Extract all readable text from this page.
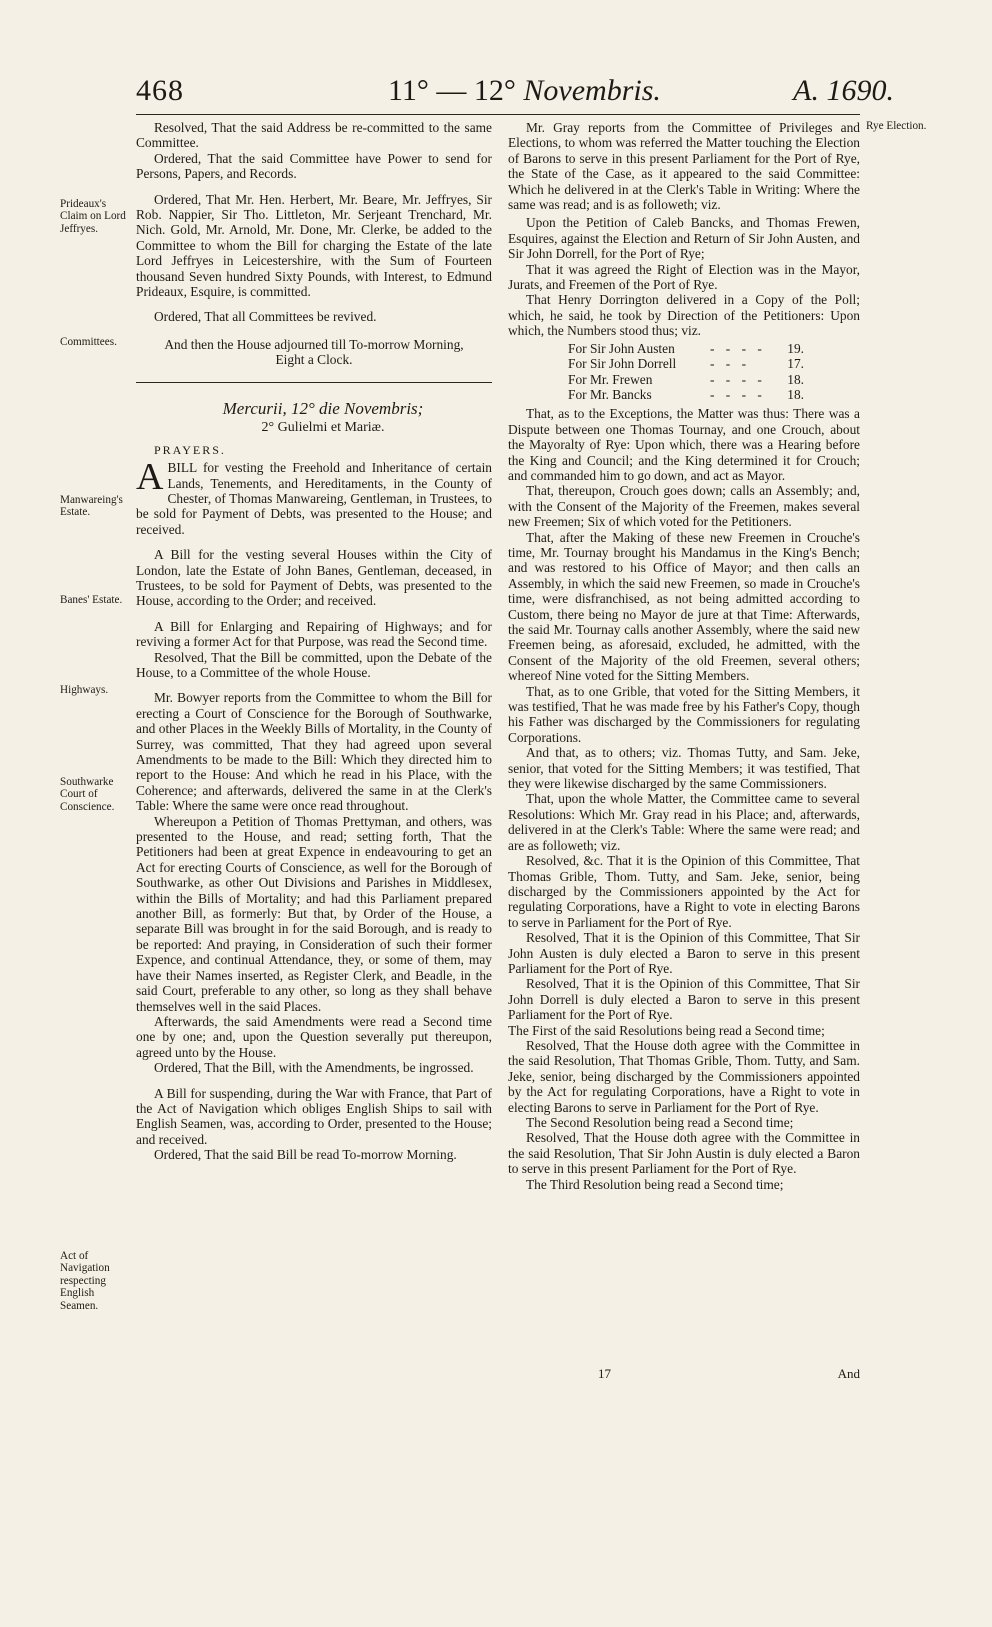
468	11° — 12° Novembris.	A. 1690.
Prideaux's Claim on Lord Jeffryes.
Committees.
Manwareing's Estate.
Banes' Estate.
Highways.
Southwarke Court of Conscience.
Act of Navigation respecting English Seamen.
Rye Election.

Resolved, That the said Address be re-committed to the same Committee.

Ordered, That the said Committee have Power to send for Persons, Papers, and Records.

Ordered, That Mr. Hen. Herbert, Mr. Beare, Mr. Jeffryes, Sir Rob. Nappier, Sir Tho. Littleton, Mr. Serjeant Trenchard, Mr. Nich. Gold, Mr. Arnold, Mr. Done, Mr. Clerke, be added to the Committee to whom the Bill for charging the Estate of the late Lord Jeffryes in Leicestershire, with the Sum of Fourteen thousand Seven hundred Sixty Pounds, with Interest, to Edmund Prideaux, Esquire, is committed.

Ordered, That all Committees be revived.

And then the House adjourned till To-morrow Morning, Eight a Clock.

Mercurii, 12° die Novembris;

2° Gulielmi et Mariæ.

PRAYERS.

ABILL for vesting the Freehold and Inheritance of certain Lands, Tenements, and Hereditaments, in the County of Chester, of Thomas Manwareing, Gentleman, in Trustees, to be sold for Payment of Debts, was presented to the House; and received.

A Bill for the vesting several Houses within the City of London, late the Estate of John Banes, Gentleman, deceased, in Trustees, to be sold for Payment of Debts, was presented to the House, according to the Order; and received.

A Bill for Enlarging and Repairing of Highways; and for reviving a former Act for that Purpose, was read the Second time.

Resolved, That the Bill be committed, upon the Debate of the House, to a Committee of the whole House.

Mr. Bowyer reports from the Committee to whom the Bill for erecting a Court of Conscience for the Borough of Southwarke, and other Places in the Weekly Bills of Mortality, in the County of Surrey, was committed, That they had agreed upon several Amendments to be made to the Bill: Which they directed him to report to the House: And which he read in his Place, with the Coherence; and afterwards, delivered the same in at the Clerk's Table: Where the same were once read throughout.

Whereupon a Petition of Thomas Prettyman, and others, was presented to the House, and read; setting forth, That the Petitioners had been at great Expence in endeavouring to get an Act for erecting Courts of Conscience, as well for the Borough of Southwarke, as other Out Divisions and Parishes in Middlesex, within the Bills of Mortality; and had this Parliament prepared another Bill, as formerly: But that, by Order of the House, a separate Bill was brought in for the said Borough, and is ready to be reported: And praying, in Consideration of such their former Expence, and continual Attendance, they, or some of them, may have their Names inserted, as Register Clerk, and Beadle, in the said Court, preferable to any other, so long as they shall behave themselves well in the said Places.

Afterwards, the said Amendments were read a Second time one by one; and, upon the Question severally put thereupon, agreed unto by the House.

Ordered, That the Bill, with the Amendments, be ingrossed.

A Bill for suspending, during the War with France, that Part of the Act of Navigation which obliges English Ships to sail with English Seamen, was, according to Order, presented to the House; and received.

Ordered, That the said Bill be read To-morrow Morning.

Mr. Gray reports from the Committee of Privileges and Elections, to whom was referred the Matter touching the Election of Barons to serve in this present Parliament for the Port of Rye, the State of the Case, as it appeared to the said Committee: Which he delivered in at the Clerk's Table in Writing: Where the same was read; and is as followeth; viz.

Upon the Petition of Caleb Bancks, and Thomas Frewen, Esquires, against the Election and Return of Sir John Austen, and Sir John Dorrell, for the Port of Rye;

That it was agreed the Right of Election was in the Mayor, Jurats, and Freemen of the Port of Rye.

That Henry Dorrington delivered in a Copy of the Poll; which, he said, he took by Direction of the Petitioners: Upon which, the Numbers stood thus; viz.

For Sir John Austen	- - - -	19.
For Sir John Dorrell	- - -	17.
For Mr. Frewen	- - - -	18.
For Mr. Bancks	- - - -	18.

That, as to the Exceptions, the Matter was thus: There was a Dispute between one Thomas Tournay, and one Crouch, about the Mayoralty of Rye: Upon which, there was a Hearing before the King and Council; and the King determined it for Crouch; and commanded him to go down, and act as Mayor.

That, thereupon, Crouch goes down; calls an Assembly; and, with the Consent of the Majority of the Freemen, makes several new Freemen; Six of which voted for the Petitioners.

That, after the Making of these new Freemen in Crouche's time, Mr. Tournay brought his Mandamus in the King's Bench; and was restored to his Office of Mayor; and then calls an Assembly, in which the said new Freemen, so made in Crouche's time, were disfranchised, as not being admitted according to Custom, there being no Mayor de jure at that Time: Afterwards, the said Mr. Tournay calls another Assembly, where the said new Freemen being, as aforesaid, excluded, he admitted, with the Consent of the Majority of the old Freemen, several others; whereof Nine voted for the Sitting Members.

That, as to one Grible, that voted for the Sitting Members, it was testified, That he was made free by his Father's Copy, though his Father was discharged by the Commissioners for regulating Corporations.

And that, as to others; viz. Thomas Tutty, and Sam. Jeke, senior, that voted for the Sitting Members; it was testified, That they were likewise discharged by the same Commissioners.

That, upon the whole Matter, the Committee came to several Resolutions: Which Mr. Gray read in his Place; and, afterwards, delivered in at the Clerk's Table: Where the same were read; and are as followeth; viz.

Resolved, &c. That it is the Opinion of this Committee, That Thomas Grible, Thom. Tutty, and Sam. Jeke, senior, being discharged by the Commissioners appointed by the Act for regulating Corporations, have a Right to vote in electing Barons to serve in Parliament for the Port of Rye.

Resolved, That it is the Opinion of this Committee, That Sir John Austen is duly elected a Baron to serve in this present Parliament for the Port of Rye.

Resolved, That it is the Opinion of this Committee, That Sir John Dorrell is duly elected a Baron to serve in this present Parliament for the Port of Rye.

The First of the said Resolutions being read a Second time;

Resolved, That the House doth agree with the Committee in the said Resolution, That Thomas Grible, Thom. Tutty, and Sam. Jeke, senior, being discharged by the Commissioners appointed by the Act for regulating Corporations, have a Right to vote in electing Barons to serve in Parliament for the Port of Rye.

The Second Resolution being read a Second time;

Resolved, That the House doth agree with the Committee in the said Resolution, That Sir John Austin is duly elected a Baron to serve in this present Parliament for the Port of Rye.

The Third Resolution being read a Second time;

17	And
